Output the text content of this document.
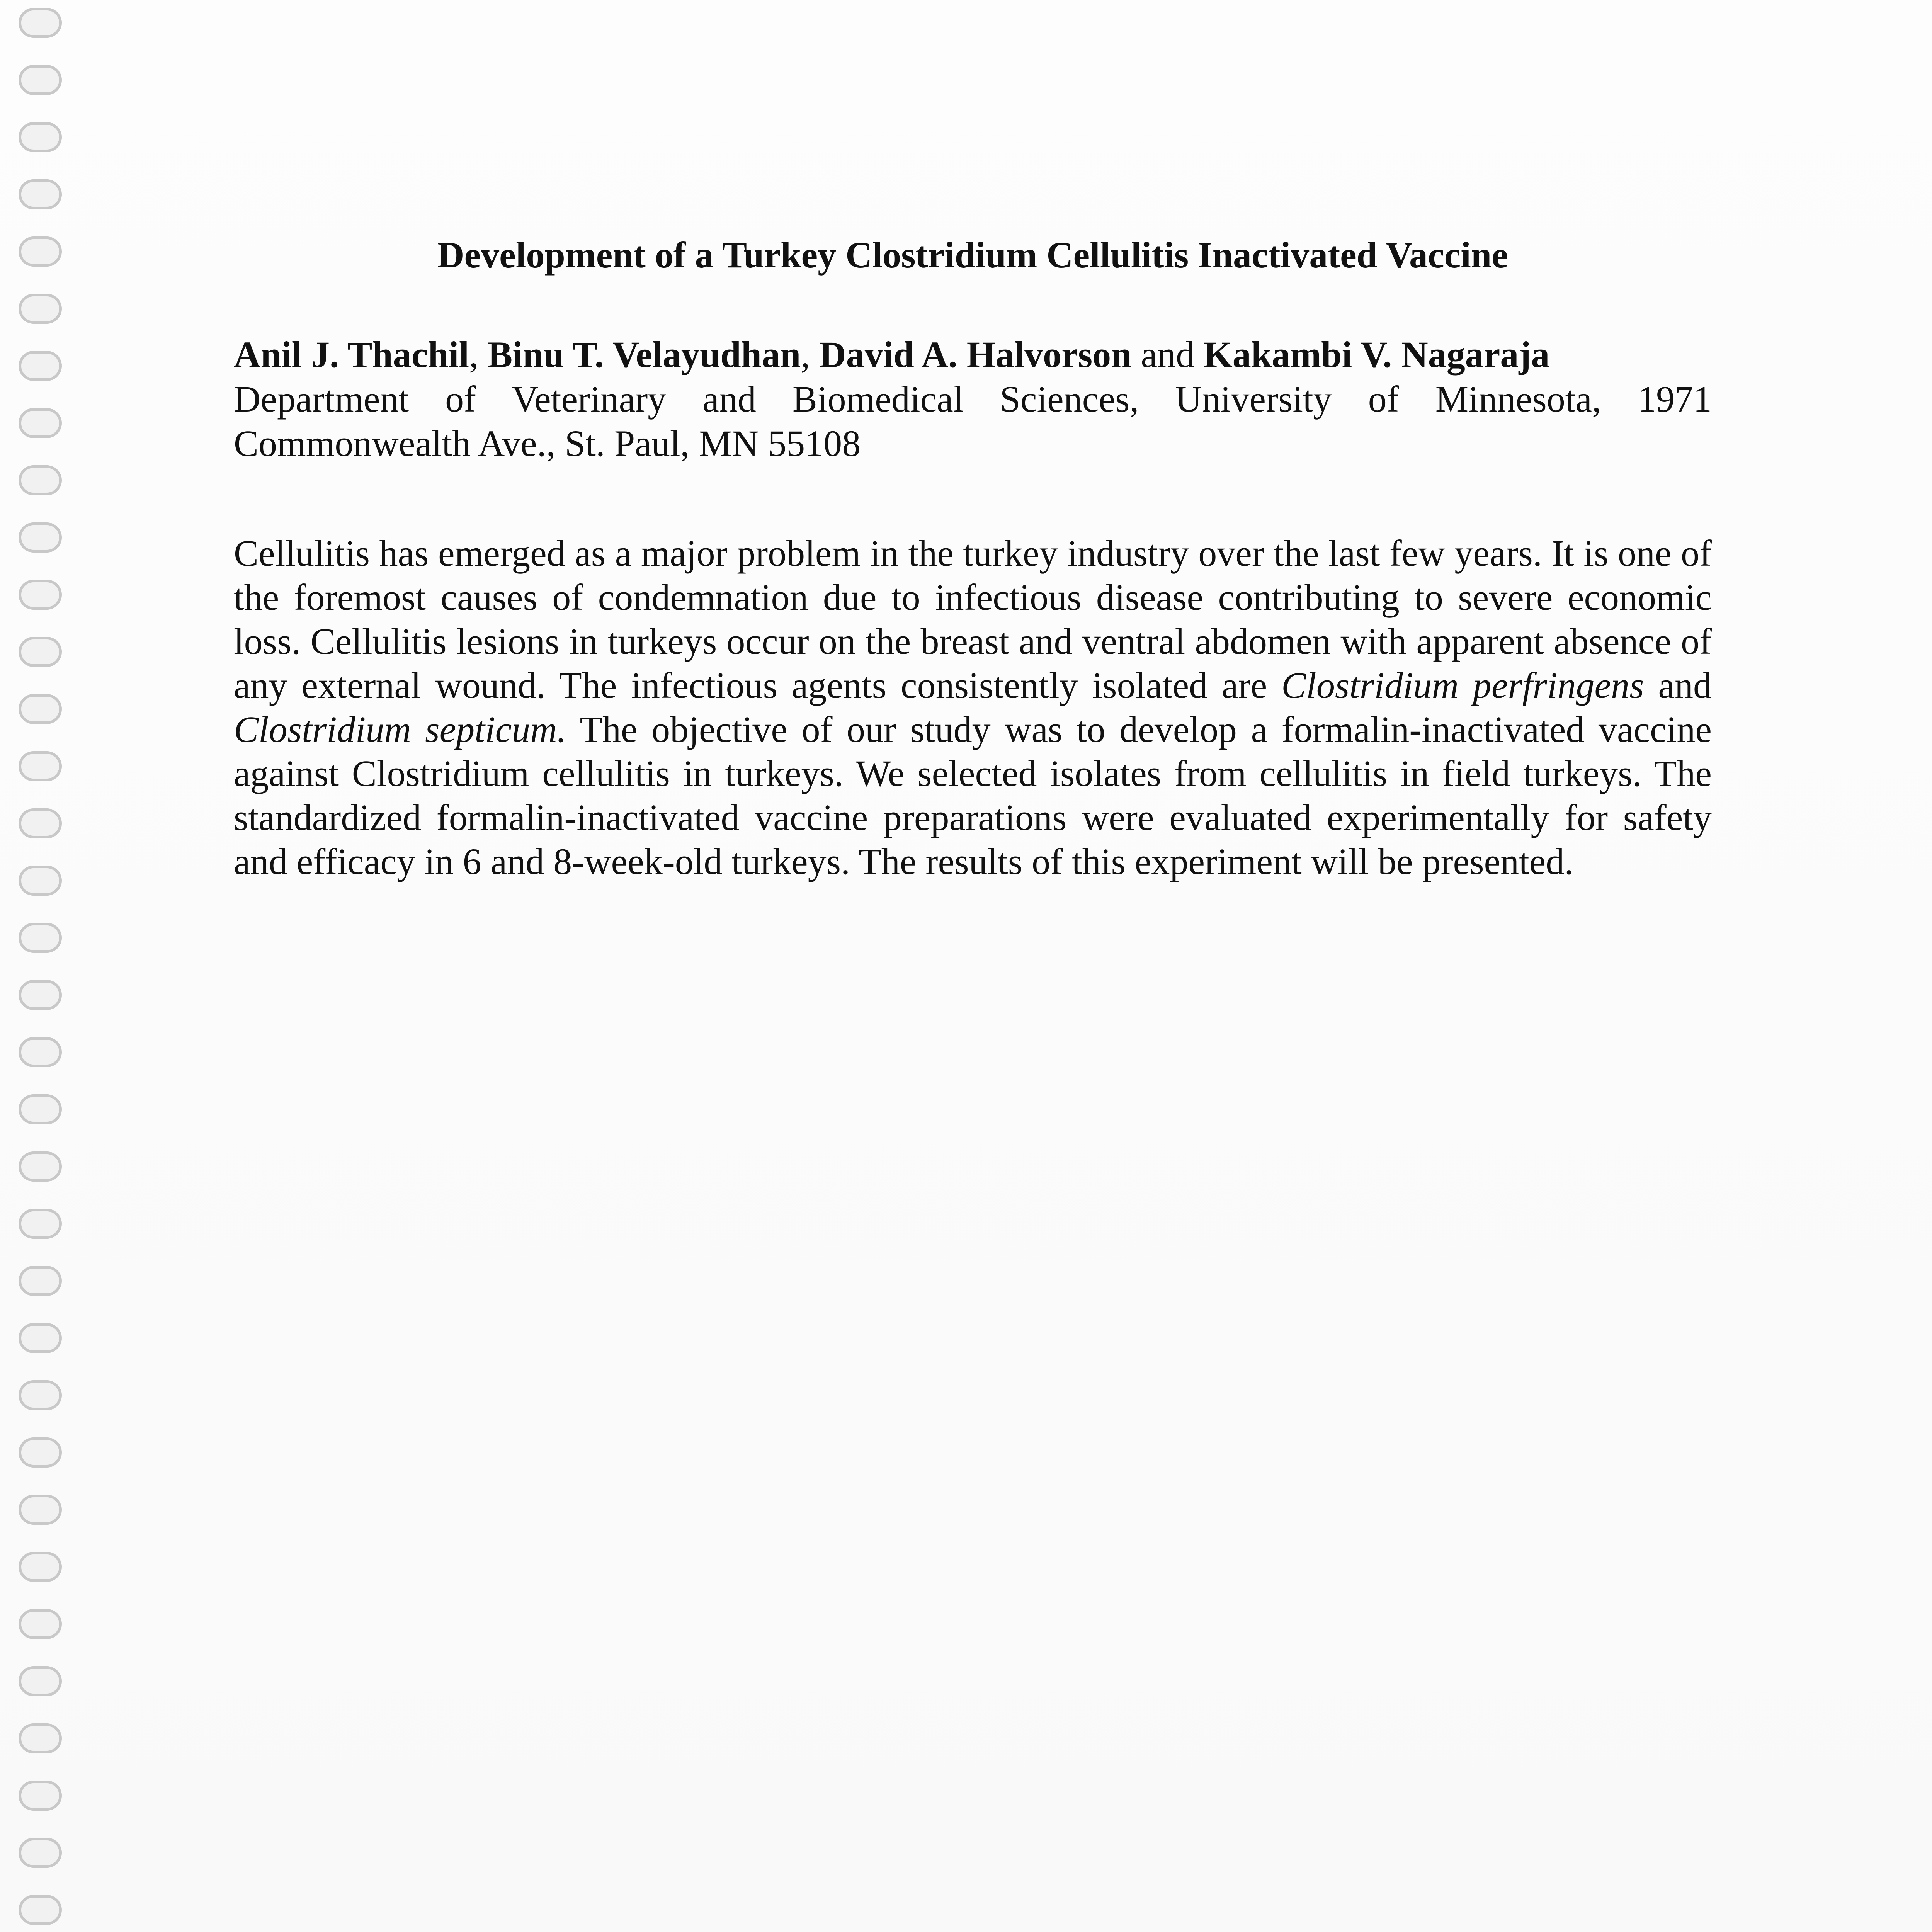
Development of a Turkey Clostridium Cellulitis Inactivated Vaccine

Anil J. Thachil, Binu T. Velayudhan, David A. Halvorson and Kakambi V. Nagaraja

Department of Veterinary and Biomedical Sciences, University of Minnesota, 1971 Commonwealth Ave., St. Paul, MN 55108

Cellulitis has emerged as a major problem in the turkey industry over the last few years. It is one of the foremost causes of condemnation due to infectious disease contributing to severe economic loss. Cellulitis lesions in turkeys occur on the breast and ventral abdomen with apparent absence of any external wound. The infectious agents consistently isolated are Clostridium perfringens and Clostridium septicum. The objective of our study was to develop a formalin-inactivated vaccine against Clostridium cellulitis in turkeys. We selected isolates from cellulitis in field turkeys. The standardized formalin-inactivated vaccine preparations were evaluated experimentally for safety and efficacy in 6 and 8-week-old turkeys. The results of this experiment will be presented.
